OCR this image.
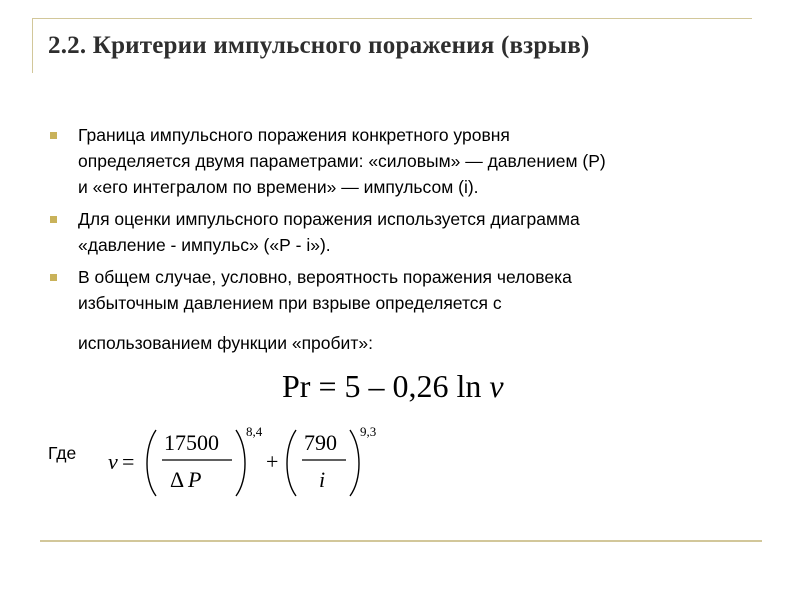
2.2. Критерии импульсного поражения (взрыв)
Граница импульсного поражения конкретного уровня
определяется двумя параметрами: «силовым» — давлением (Р)
и «его интегралом по времени» — импульсом (i).
Для оценки импульсного поражения используется диаграмма
«давление - импульс» («Р - i»).
В общем случае, условно, вероятность поражения человека
избыточным давлением при взрыве определяется с
использованием функции «пробит»:
Pr = 5 – 0,26 ln v
Где v =
17500
Δ P
8,4
+
790
i
9,3
